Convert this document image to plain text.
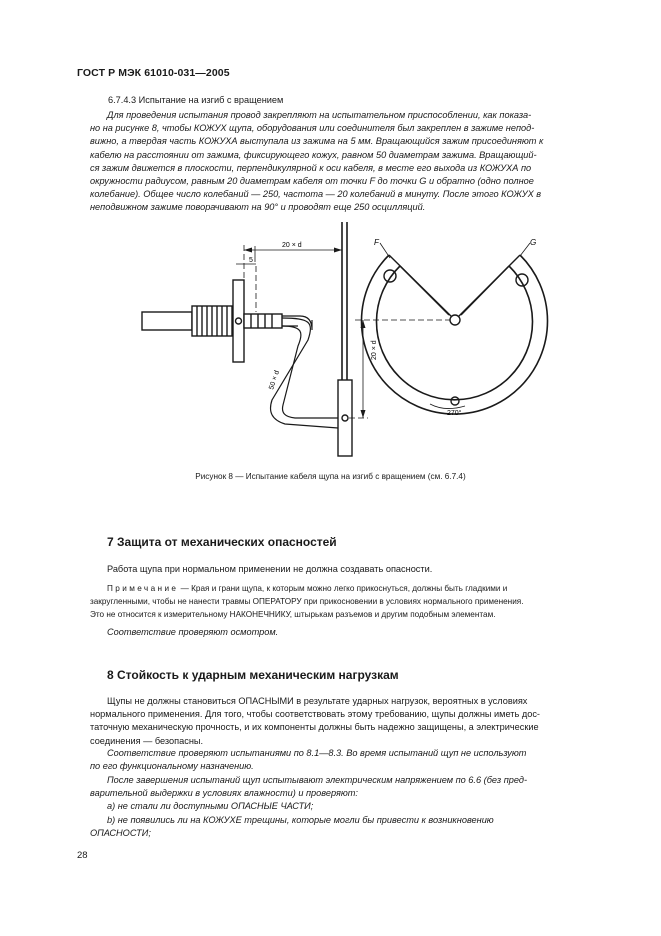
ГОСТ Р МЭК 61010-031—2005
6.7.4.3 Испытание на изгиб с вращением
Для проведения испытания провод закрепляют на испытательном приспособлении, как показа-
но на рисунке 8, чтобы КОЖУХ щупа, оборудования или соединителя был закреплен в зажиме непод-
вижно, а твердая часть КОЖУХА выступала из зажима на 5 мм. Вращающийся зажим присоединяют к
кабелю на расстоянии от зажима, фиксирующего кожух, равном 50 диаметрам зажима. Вращающий-
ся зажим движется в плоскости, перпендикулярной к оси кабеля, в месте его выхода из КОЖУХА по
окружности радиусом, равным 20 диаметрам кабеля от точки F до точки G и обратно (одно полное
колебание). Общее число колебаний — 250, частота — 20 колебаний в минуту. После этого КОЖУХ в
неподвижном зажиме поворачивают на 90° и проводят еще 250 осцилляций.
5
20 × d
50 × d
20 × d
F	G
270°
Рисунок 8 — Испытание кабеля щупа на изгиб с вращением (см. 6.7.4)
7 Защита от механических опасностей
Работа щупа при нормальном применении не должна создавать опасности.
Примечание — Края и грани щупа, к которым можно легко прикоснуться, должны быть гладкими и
закругленными, чтобы не нанести травмы ОПЕРАТОРУ при прикосновении в условиях нормального применения.
Это не относится к измерительному НАКОНЕЧНИКУ, штырькам разъемов и другим подобным элементам.
Соответствие проверяют осмотром.
8 Стойкость к ударным механическим нагрузкам
Щупы не должны становиться ОПАСНЫМИ в результате ударных нагрузок, вероятных в условиях
нормального применения. Для того, чтобы соответствовать этому требованию, щупы должны иметь дос-
таточную механическую прочность, и их компоненты должны быть надежно защищены, а электрические
соединения — безопасны.
Соответствие проверяют испытаниями по 8.1—8.3. Во время испытаний щуп не используют
по его функциональному назначению.
После завершения испытаний щуп испытывают электрическим напряжением по 6.6 (без пред-
варительной выдержки в условиях влажности) и проверяют:
а) не стали ли доступными ОПАСНЫЕ ЧАСТИ;
b) не появились ли на КОЖУХЕ трещины, которые могли бы привести к возникновению
ОПАСНОСТИ;
28
